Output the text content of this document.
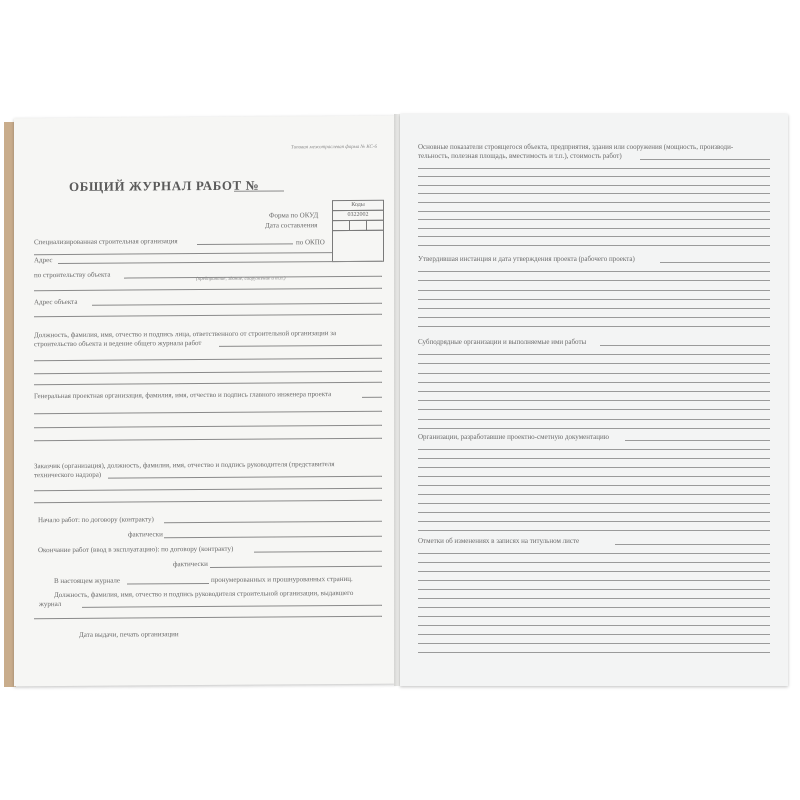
Типовая межотраслевая форма № КС-6
ОБЩИЙ ЖУРНАЛ РАБОТ №
Коды
0322002
Форма по ОКУД
Дата составления
по ОКПО
Специализированная строительная организация
Адрес
по строительству объекта
(предприятие, здание, сооружение и т.п.)
Адрес объекта
Должность, фамилия, имя, отчество и подпись лица, ответственного от строительной организации за
строительство объекта и ведение общего журнала работ
Генеральная проектная организация, фамилия, имя, отчество и подпись главного инженера проекта
Заказчик (организация), должность, фамилия, имя, отчество и подпись руководителя (представителя
технического надзора)
Начало работ: по договору (контракту)
фактически
Окончание работ (ввод в эксплуатацию): по договору (контракту)
фактически
В настоящем журнале	пронумерованных и прошнурованных страниц.
Должность, фамилия, имя, отчество и подпись руководителя строительной организации, выдавшего
журнал
Дата выдачи, печать организации
Основные показатели строящегося объекта, предприятия, здания или сооружения (мощность, производи-
тельность, полезная площадь, вместимость и т.п.), стоимость работ)
Утвердившая инстанция и дата утверждения проекта (рабочего проекта)
Субподрядные организации и выполняемые ими работы
Организации, разработавшие проектно-сметную документацию
Отметки об изменениях в записях на титульном листе
